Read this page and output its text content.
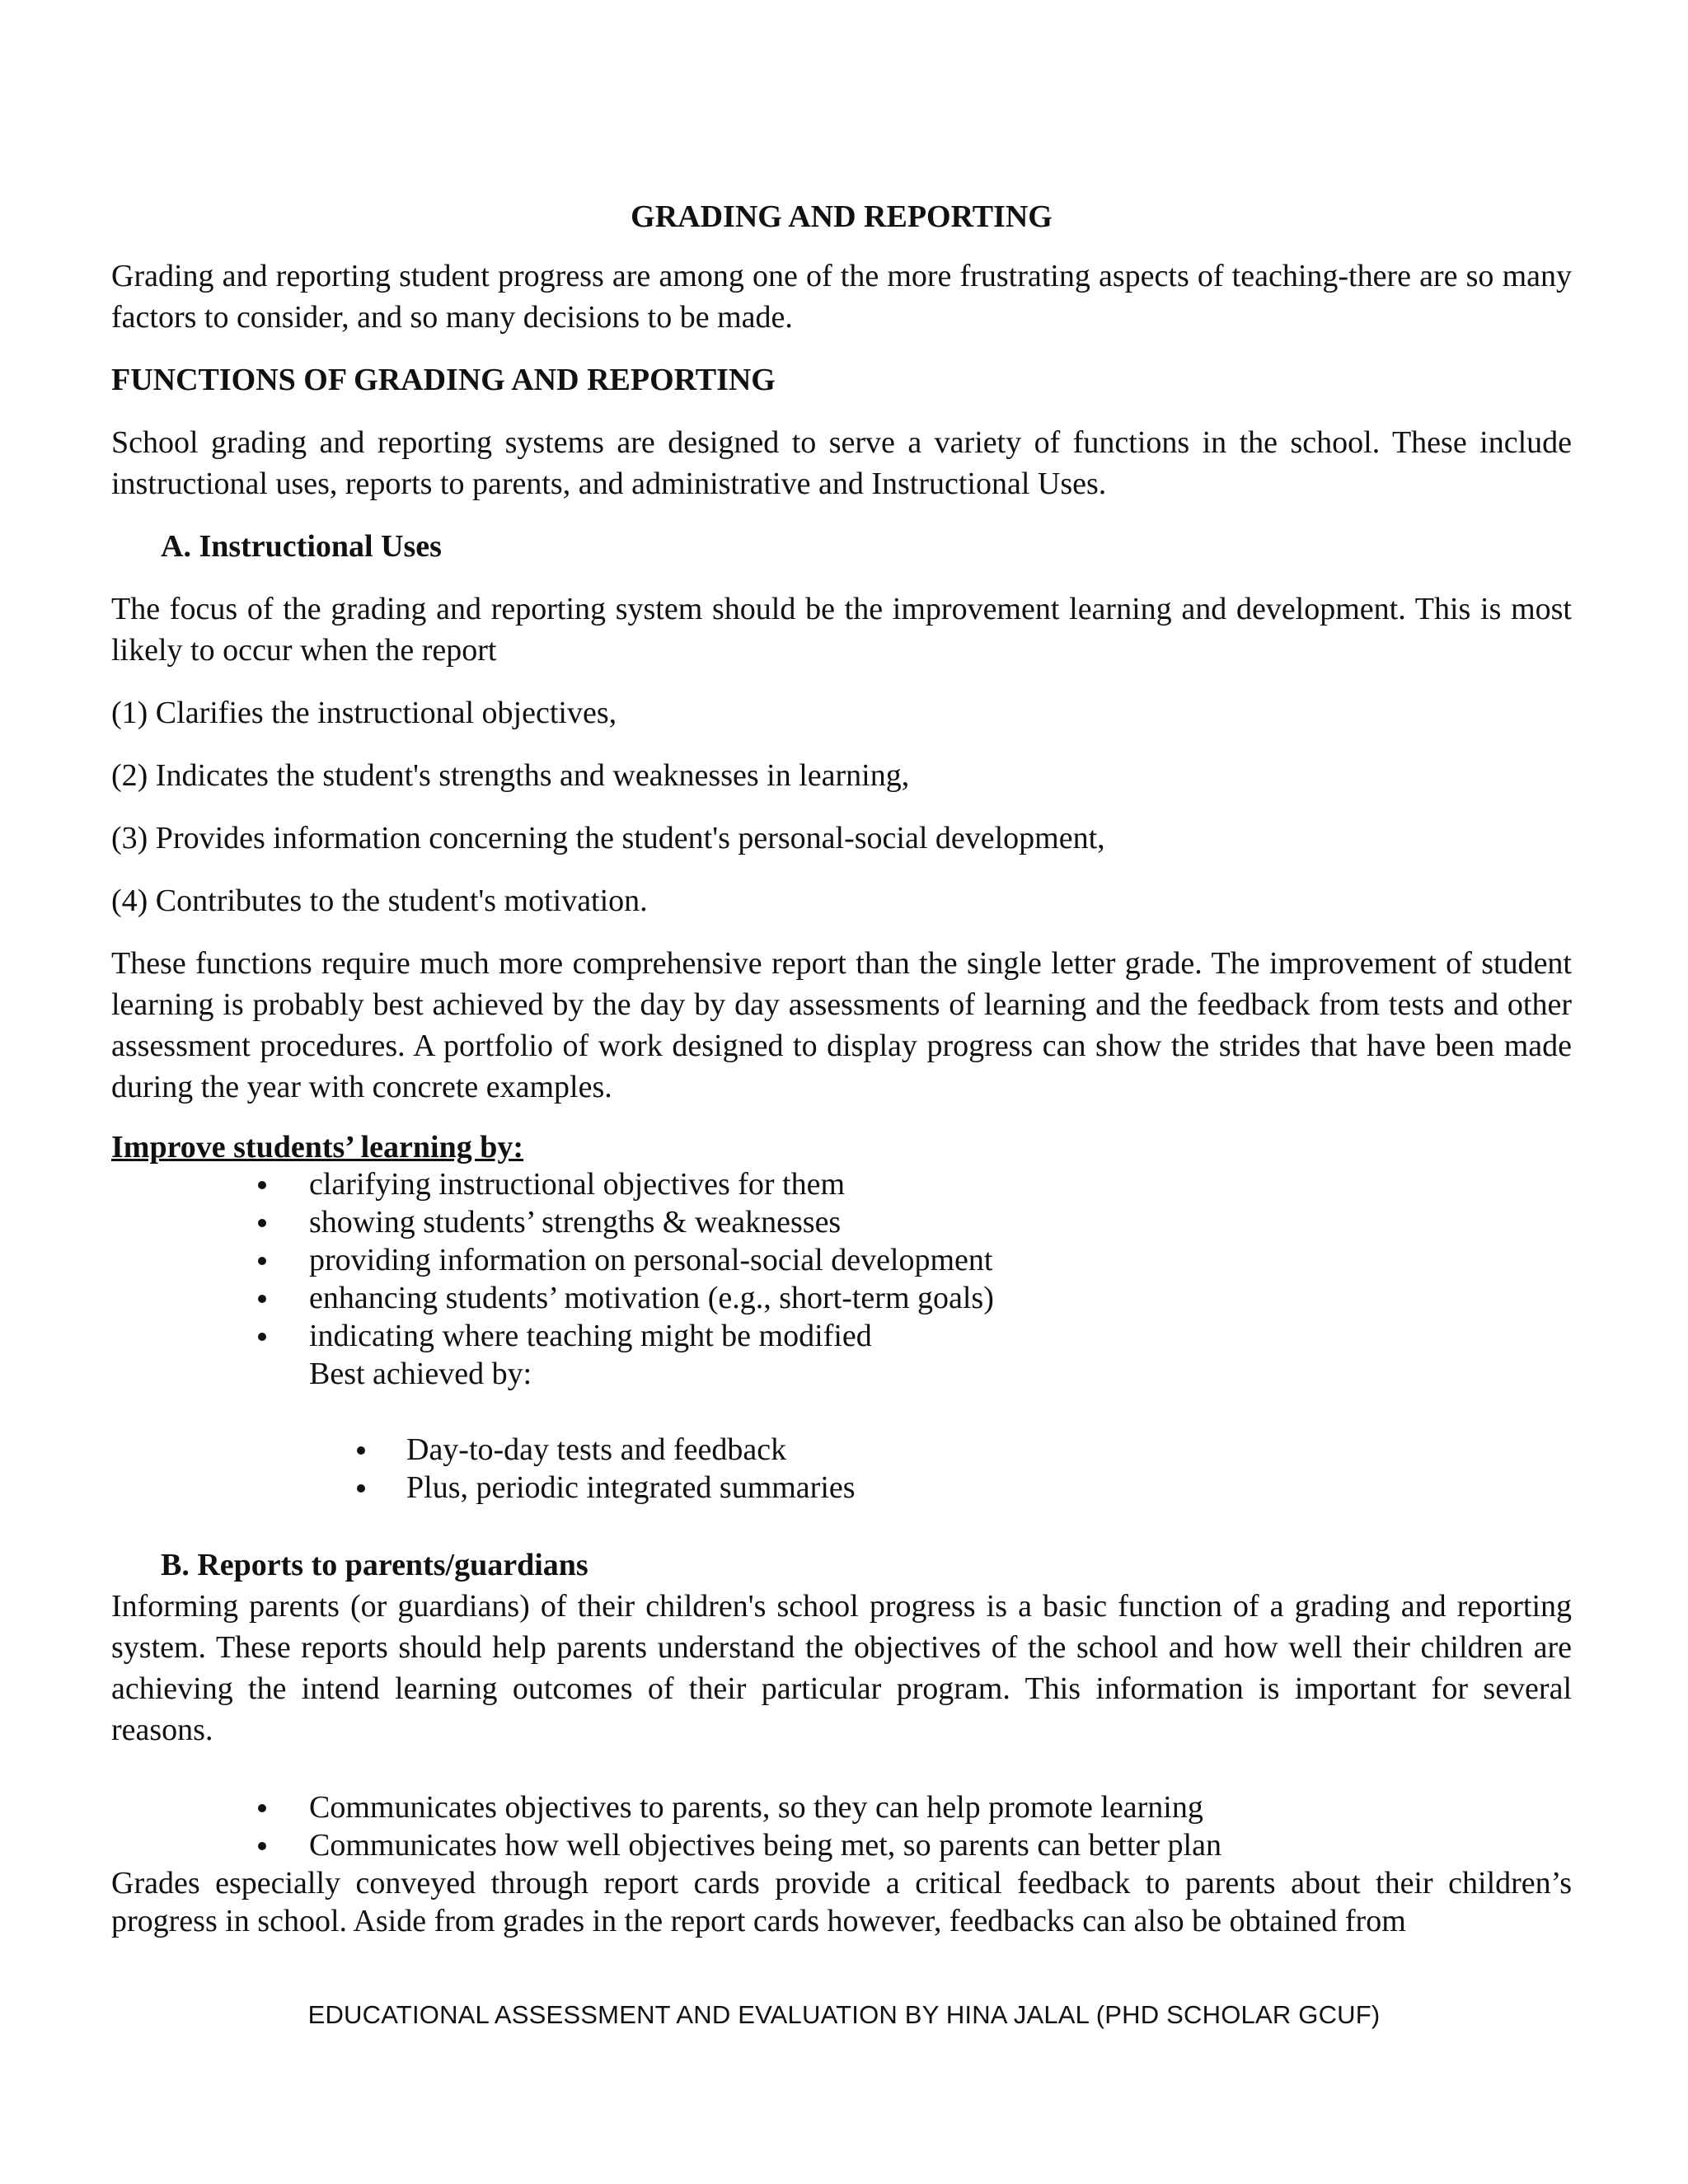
GRADING AND REPORTING

Grading and reporting student progress are among one of the more frustrating aspects of teaching-there are so many factors to consider, and so many decisions to be made.

FUNCTIONS OF GRADING AND REPORTING

School grading and reporting systems are designed to serve a variety of functions in the school. These include instructional uses, reports to parents, and administrative and Instructional Uses.

A. Instructional Uses

The focus of the grading and reporting system should be the improvement learning and development. This is most likely to occur when the report

(1) Clarifies the instructional objectives,
(2) Indicates the student's strengths and weaknesses in learning,
(3) Provides information concerning the student's personal-social development,
(4) Contributes to the student's motivation.

These functions require much more comprehensive report than the single letter grade. The improvement of student learning is probably best achieved by the day by day assessments of learning and the feedback from tests and other assessment procedures. A portfolio of work designed to display progress can show the strides that have been made during the year with concrete examples.

Improve students’ learning by:
clarifying instructional objectives for them
showing students’ strengths & weaknesses
providing information on personal-social development
enhancing students’ motivation (e.g., short-term goals)
indicating where teaching might be modified
Best achieved by:
Day-to-day tests and feedback
Plus, periodic integrated summaries
B. Reports to parents/guardians

Informing parents (or guardians) of their children's school progress is a basic function of a grading and reporting system. These reports should help parents understand the objectives of the school and how well their children are achieving the intend learning outcomes of their particular program. This information is important for several reasons.

Communicates objectives to parents, so they can help promote learning
Communicates how well objectives being met, so parents can better plan

Grades especially conveyed through report cards provide a critical feedback to parents about their children’s progress in school. Aside from grades in the report cards however, feedbacks can also be obtained from

EDUCATIONAL ASSESSMENT AND EVALUATION BY HINA JALAL (PHD SCHOLAR GCUF)
